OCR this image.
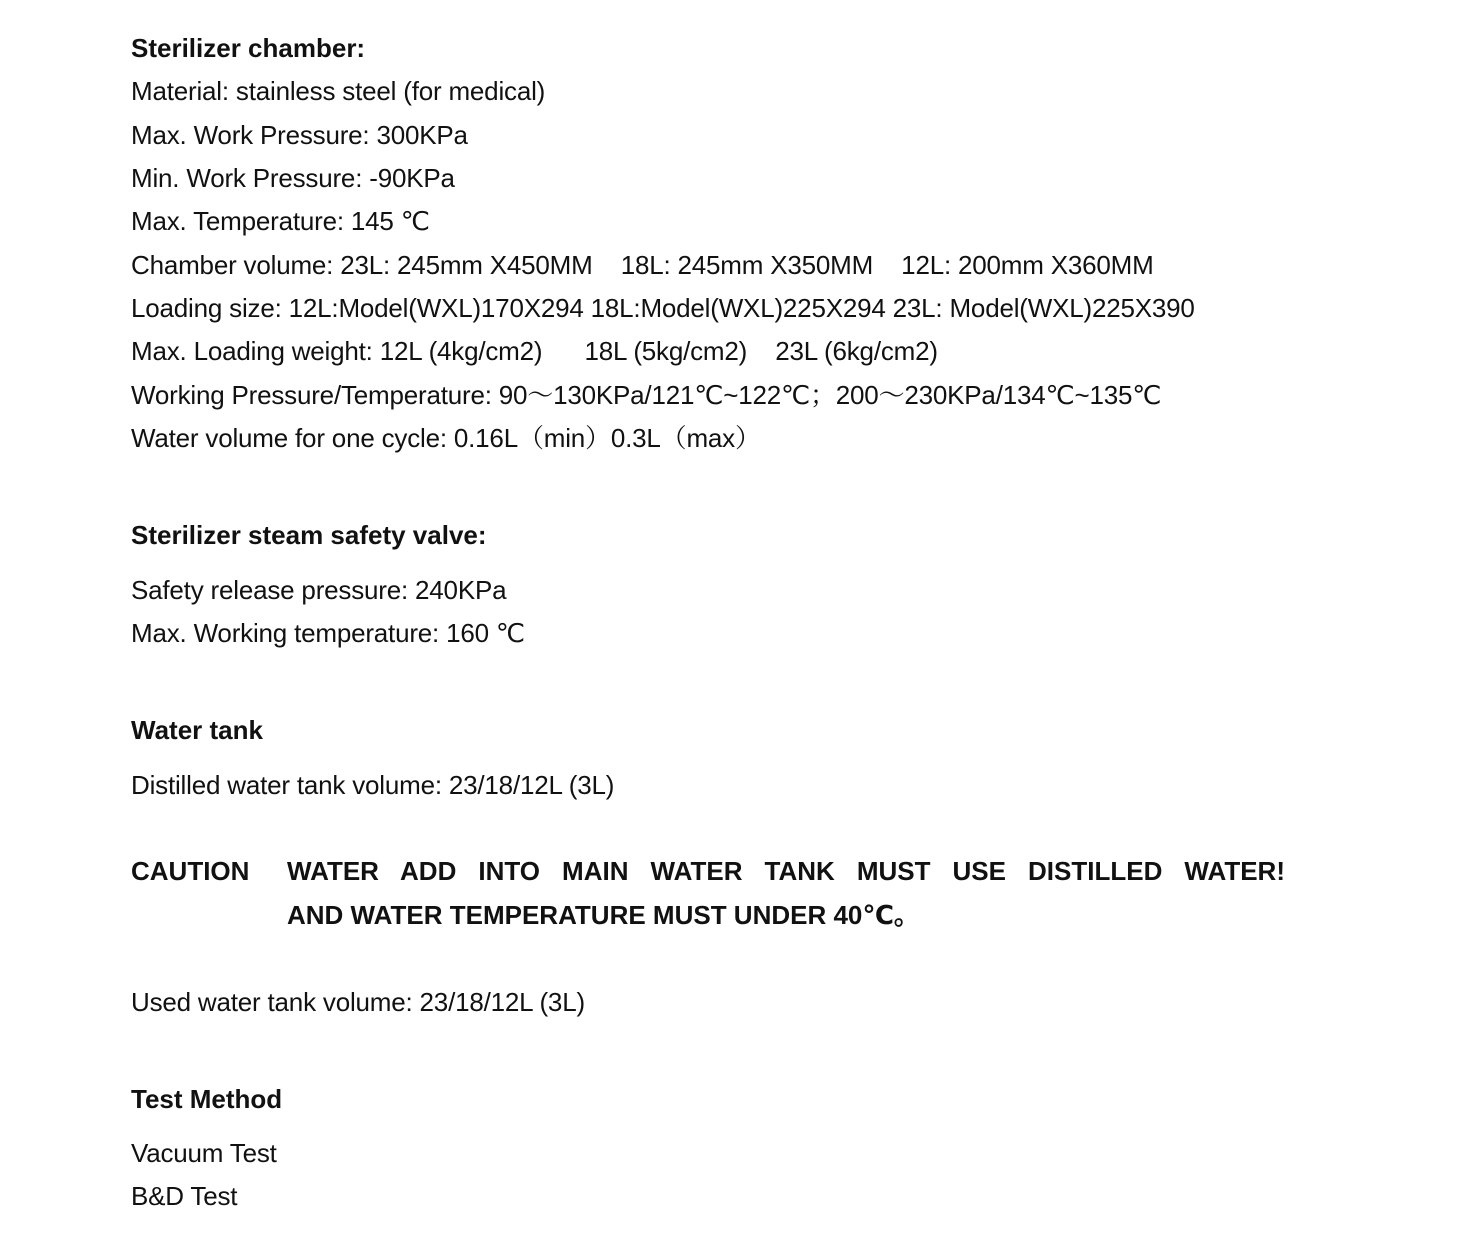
Sterilizer chamber:
Material: stainless steel (for medical)
Max. Work Pressure: 300KPa
Min. Work Pressure: -90KPa
Max. Temperature: 145 ℃
Chamber volume: 23L: 245mm X450MM    18L: 245mm X350MM    12L: 200mm X360MM
Loading size: 12L:Model(WXL)170X294 18L:Model(WXL)225X294 23L: Model(WXL)225X390
Max. Loading weight: 12L (4kg/cm2)      18L (5kg/cm2)    23L (6kg/cm2)
Working Pressure/Temperature: 90～130KPa/121℃~122℃；200～230KPa/134℃~135℃
Water volume for one cycle: 0.16L（min）0.3L（max）
Sterilizer steam safety valve:
Safety release pressure: 240KPa
Max. Working temperature: 160 ℃
Water tank
Distilled water tank volume: 23/18/12L (3L)
CAUTION WATER ADD INTO MAIN WATER TANK MUST USE DISTILLED WATER!
AND WATER TEMPERATURE MUST UNDER 40℃。
Used water tank volume: 23/18/12L (3L)
Test Method
Vacuum Test
B&D Test
